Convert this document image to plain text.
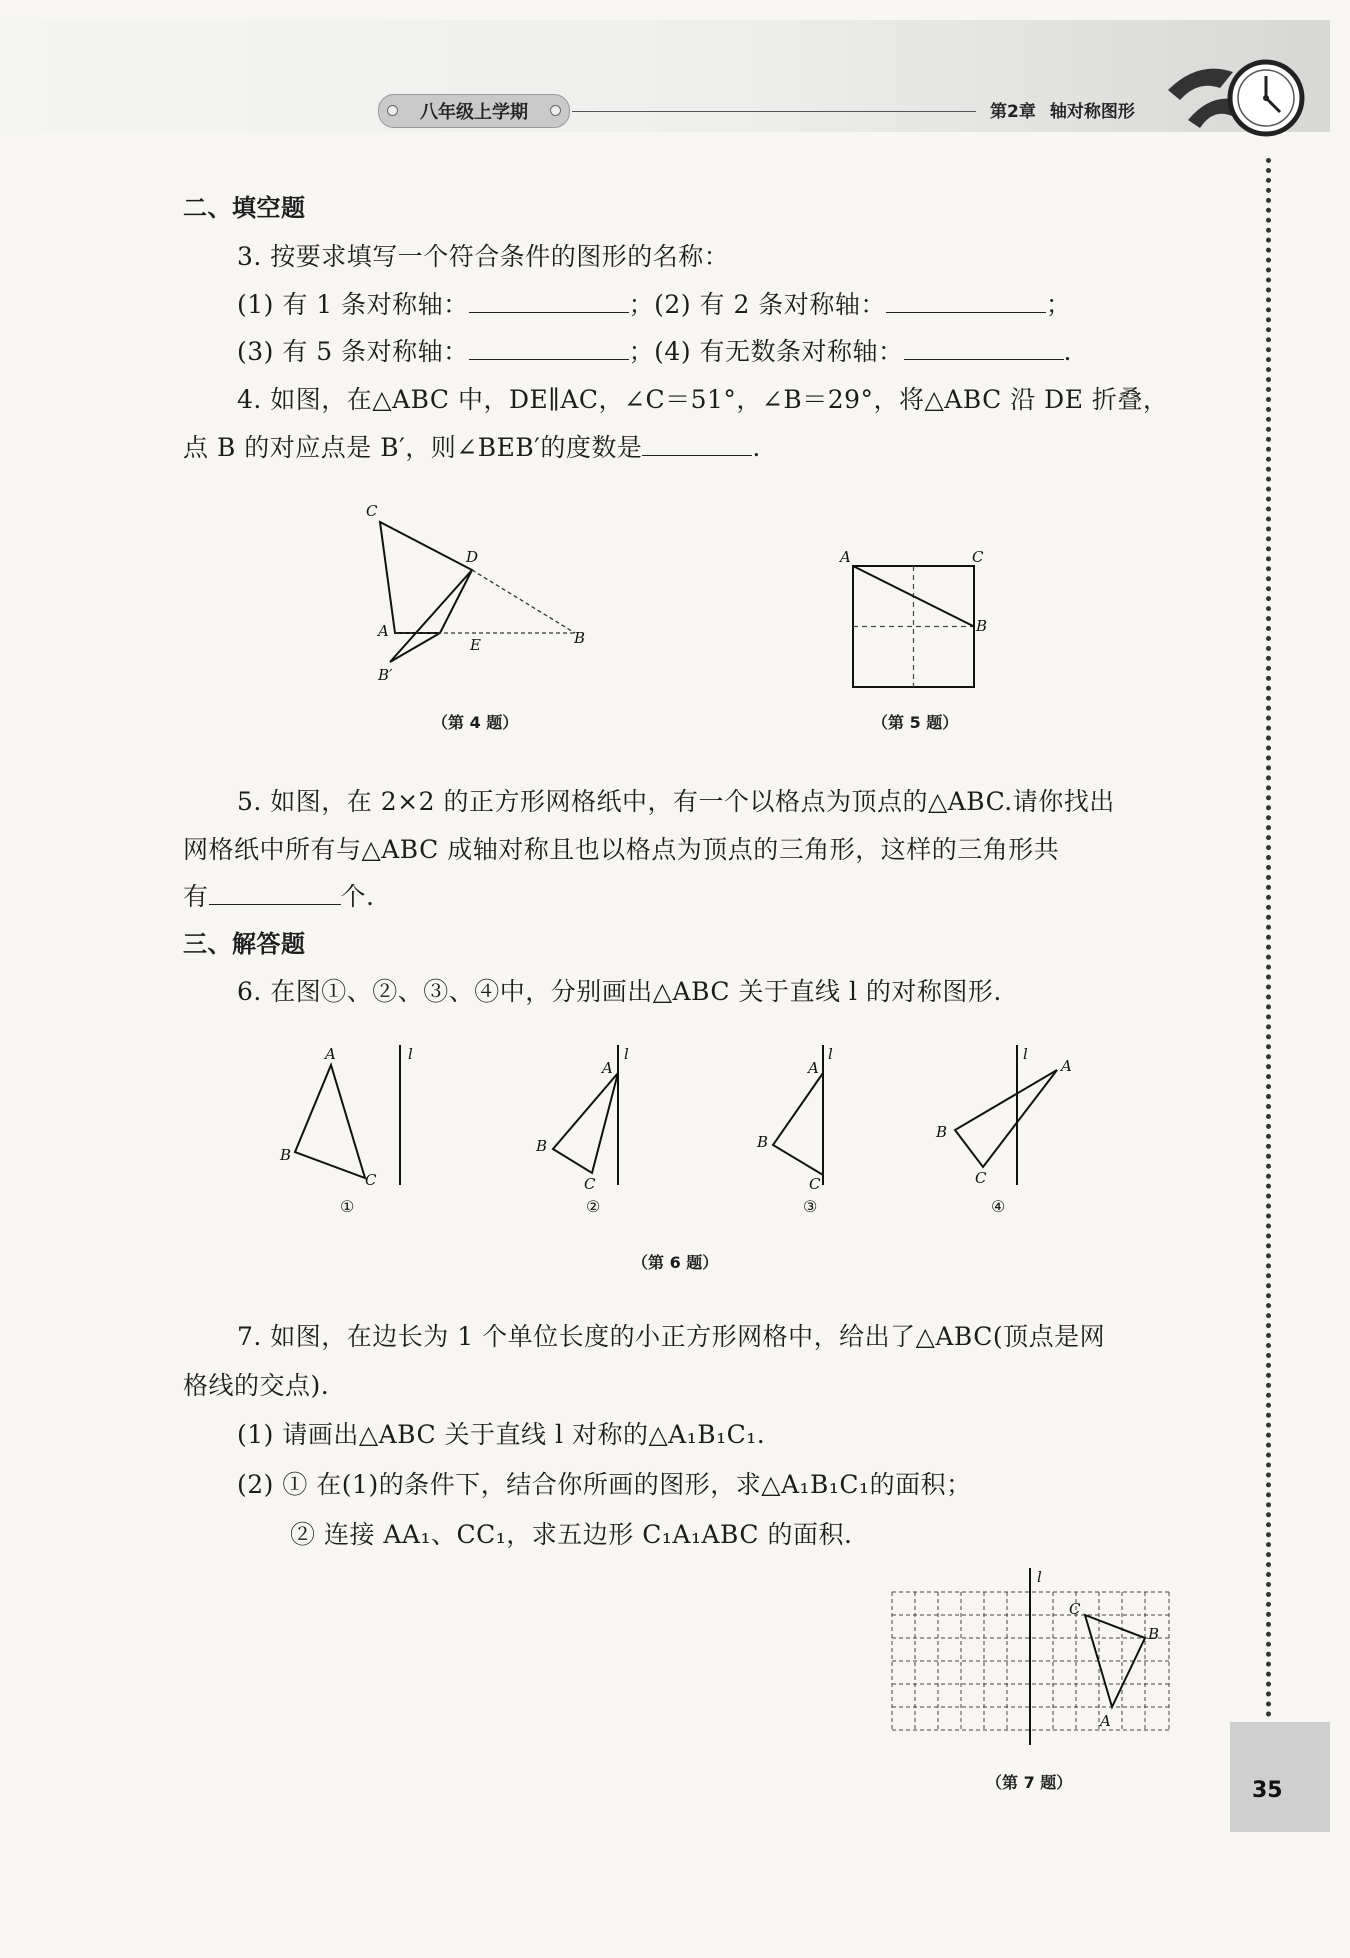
八年级上学期	第2章 轴对称图形
35
二、填空题
3. 按要求填写一个符合条件的图形的名称：
(1) 有 1 条对称轴：	；(2) 有 2 条对称轴：	；
(3) 有 5 条对称轴：	；(4) 有无数条对称轴：	.
4. 如图，在△ABC 中，DE∥AC，∠C＝51°，∠B＝29°，将△ABC 沿 DE 折叠，
点 B 的对应点是 B′，则∠BEB′的度数是	.
C
D
A
E	B
B′
（第 4 题）
A	C
B
（第 5 题）
5. 如图，在 2×2 的正方形网格纸中，有一个以格点为顶点的△ABC.请你找出
网格纸中所有与△ABC 成轴对称且也以格点为顶点的三角形，这样的三角形共
有	个.
三、解答题
6. 在图①、②、③、④中，分别画出△ABC 关于直线 l 的对称图形.
l
A
B
C
①
l
A
B
C
②
l
A
B
C
③
l
A
B
C
④
（第 6 题）
7. 如图，在边长为 1 个单位长度的小正方形网格中，给出了△ABC(顶点是网
格线的交点).
(1) 请画出△ABC 关于直线 l 对称的△A₁B₁C₁.
(2) ① 在(1)的条件下，结合你所画的图形，求△A₁B₁C₁的面积；
② 连接 AA₁、CC₁，求五边形 C₁A₁ABC 的面积.
l
C
B
A
（第 7 题）
